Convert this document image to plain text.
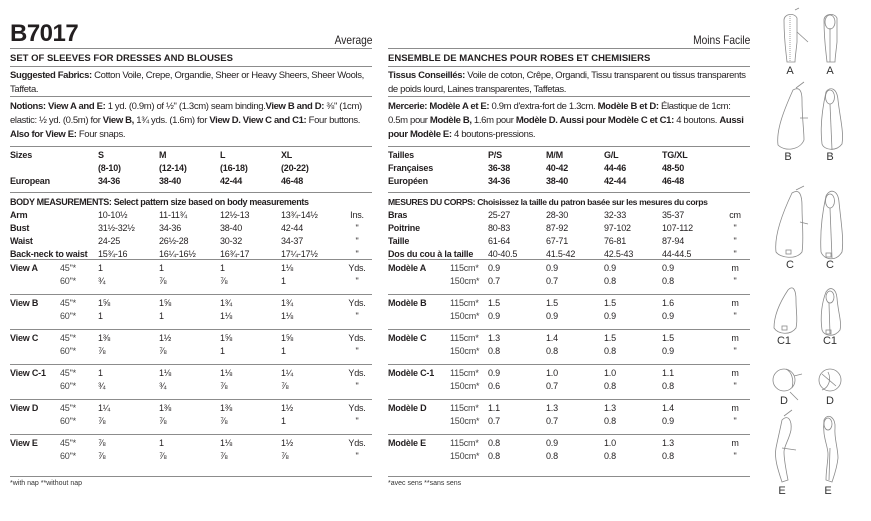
B7017	Average
SET OF SLEEVES FOR DRESSES AND BLOUSES
Suggested Fabrics: Cotton Voile, Crepe, Organdie, Sheer or Heavy Sheers, Sheer Wools, Taffeta.
Notions: View A and E: 1 yd. (0.9m) of ½" (1.3cm) seam binding.View B and D: ⅜" (1cm) elastic: ½ yd. (0.5m) for View B, 1¾ yds. (1.6m) for View D. View C and C1: Four buttons. Also for View E: Four snaps.
Sizes	S	M	L	XL	
	(8-10)	(12-14)	(16-18)	(20-22)	
European	34-36	38-40	42-44	46-48	
BODY MEASUREMENTS: Select pattern size based on body measurements
Arm	10-10½	11-11¾	12½-13	13¾-14½	Ins.
Bust	31½-32½	34-36	38-40	42-44	"
Waist	24-25	26½-28	30-32	34-37	"
Back-neck to waist	15¾-16	16¼-16½	16¾-17	17¼-17½	"
View A	45"*	1	1	1	1⅛	Yds.
	60"*	¾	⅞	⅞	1	"
View B	45"*	1⅝	1⅝	1¾	1¾	Yds.
	60"*	1	1	1⅛	1⅛	"
View C	45"*	1⅜	1½	1⅝	1⅝	Yds.
	60"*	⅞	⅞	1	1	"
View C-1	45"*	1	1⅛	1⅛	1¼	Yds.
	60"*	¾	¾	⅞	⅞	"
View D	45"*	1¼	1⅜	1⅜	1½	Yds.
	60"*	⅞	⅞	⅞	1	"
View E	45"*	⅞	1	1⅛	1½	Yds.
	60"*	⅞	⅞	⅞	⅞	"
*with nap **without nap
Moins Facile
ENSEMBLE DE MANCHES POUR ROBES ET CHEMISIERS
Tissus Conseillés: Voile de coton, Crêpe, Organdi, Tissu transparent ou tissus transparents de poids lourd, Laines transparentes, Taffetas.
Mercerie: Modèle A et E: 0.9m d'extra-fort de 1.3cm. Modèle B et D: Élastique de 1cm: 0.5m pour Modèle B, 1.6m pour Modèle D. Aussi pour Modèle C et C1: 4 boutons. Aussi pour Modèle E: 4 boutons-pressions.
Tailles	P/S	M/M	G/L	TG/XL	
Françaises	36-38	40-42	44-46	48-50	
Européen	34-36	38-40	42-44	46-48	
MESURES DU CORPS: Choisissez la taille du patron basée sur les mesures du corps
Bras	25-27	28-30	32-33	35-37	cm
Poitrine	80-83	87-92	97-102	107-112	"
Taille	61-64	67-71	76-81	87-94	"
Dos du cou à la taille	40-40.5	41.5-42	42.5-43	44-44.5	"
Modèle A	115cm*	0.9	0.9	0.9	0.9	m
	150cm*	0.7	0.7	0.8	0.8	"
Modèle B	115cm*	1.5	1.5	1.5	1.6	m
	150cm*	0.9	0.9	0.9	0.9	"
Modèle C	115cm*	1.3	1.4	1.5	1.5	m
	150cm*	0.8	0.8	0.8	0.9	"
Modèle C-1	115cm*	0.9	1.0	1.0	1.1	m
	150cm*	0.6	0.7	0.8	0.8	"
Modèle D	115cm*	1.1	1.3	1.3	1.4	m
	150cm*	0.7	0.7	0.8	0.9	"
Modèle E	115cm*	0.8	0.9	1.0	1.3	m
	150cm*	0.8	0.8	0.8	0.8	"
*avec sens **sans sens
A	A
B	B
C	C
C1	C1
D	D
E	E
